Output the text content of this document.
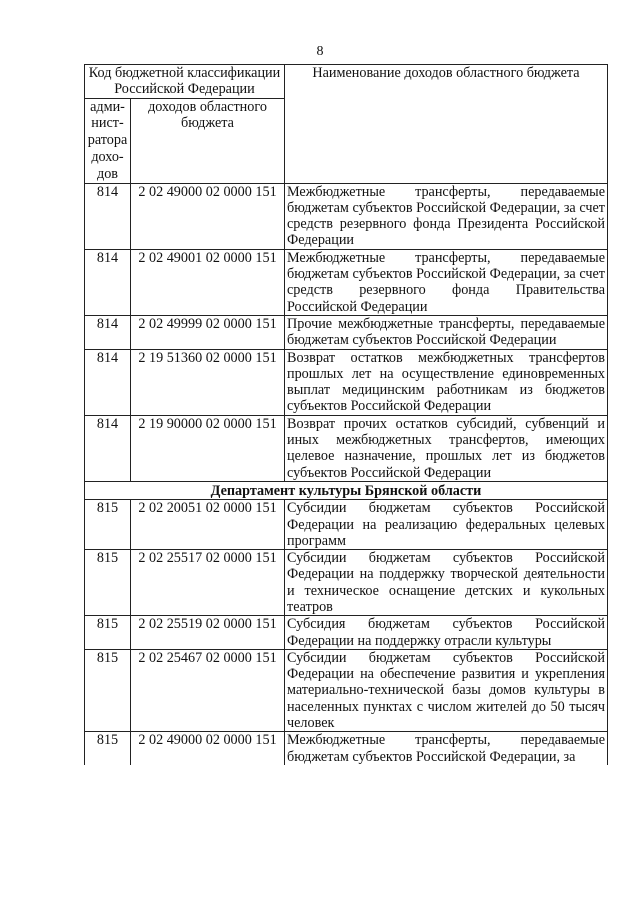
8
Код бюджетной классификации Российской Федерации		Наименование доходов областного бюджета
адми-нист-ратора дохо-дов	доходов областного бюджета	
814	2 02 49000 02 0000 151	Межбюджетные трансферты, передаваемые бюджетам субъектов Российской Федерации, за счет средств резервного фонда Президента Российской Федерации
814	2 02 49001 02 0000 151	Межбюджетные трансферты, передаваемые бюджетам субъектов Российской Федерации, за счет средств резервного фонда Правительства Российской Федерации
814	2 02 49999 02 0000 151	Прочие межбюджетные трансферты, передаваемые бюджетам субъектов Российской Федерации
814	2 19 51360 02 0000 151	Возврат остатков межбюджетных трансфертов прошлых лет на осуществление единовременных выплат медицинским работникам из бюджетов субъектов Российской Федерации
814	2 19 90000 02 0000 151	Возврат прочих остатков субсидий, субвенций и иных межбюджетных трансфертов, имеющих целевое назначение, прошлых лет из бюджетов субъектов Российской Федерации
Департамент культуры Брянской области		
815	2 02 20051 02 0000 151	Субсидии бюджетам субъектов Российской Федерации на реализацию федеральных целевых программ
815	2 02 25517 02 0000 151	Субсидии бюджетам субъектов Российской Федерации на поддержку творческой деятельности и техническое оснащение детских и кукольных театров
815	2 02 25519 02 0000 151	Субсидия бюджетам субъектов Российской Федерации на поддержку отрасли культуры
815	2 02 25467 02 0000 151	Субсидии бюджетам субъектов Российской Федерации на обеспечение развития и укрепления материально-технической базы домов культуры в населенных пунктах с числом жителей до 50 тысяч человек
815	2 02 49000 02 0000 151	Межбюджетные трансферты, передаваемые бюджетам субъектов Российской Федерации, за
